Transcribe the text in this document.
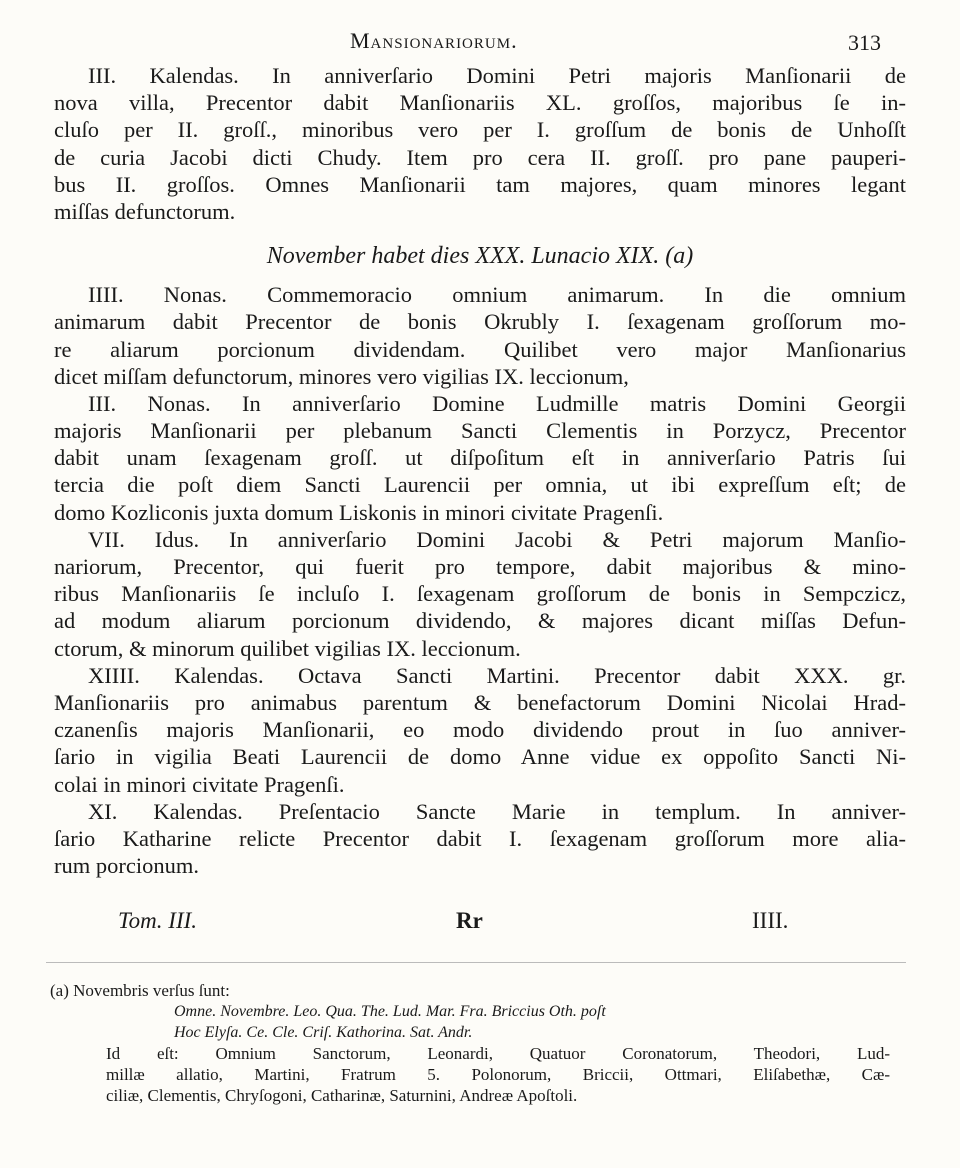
Mansionariorum.	313
III. Kalendas. In anniverſario Domini Petri majoris Manſionarii de
nova villa, Precentor dabit Manſionariis XL. groſſos, majoribus ſe in-
cluſo per II. groſſ., minoribus vero per I. groſſum de bonis de Unhoſſt
de curia Jacobi dicti Chudy. Item pro cera II. groſſ. pro pane pauperi-
bus II. groſſos. Omnes Manſionarii tam majores, quam minores legant
miſſas defunctorum.
November habet dies XXX. Lunacio XIX. (a)
IIII. Nonas. Commemoracio omnium animarum. In die omnium
animarum dabit Precentor de bonis Okrubly I. ſexagenam groſſorum mo-
re aliarum porcionum dividendam. Quilibet vero major Manſionarius
dicet miſſam defunctorum, minores vero vigilias IX. leccionum,
III. Nonas. In anniverſario Domine Ludmille matris Domini Georgii
majoris Manſionarii per plebanum Sancti Clementis in Porzycz, Precentor
dabit unam ſexagenam groſſ. ut diſpoſitum eſt in anniverſario Patris ſui
tercia die poſt diem Sancti Laurencii per omnia, ut ibi expreſſum eſt; de
domo Kozliconis juxta domum Liskonis in minori civitate Pragenſi.
VII. Idus. In anniverſario Domini Jacobi & Petri majorum Manſio-
nariorum, Precentor, qui fuerit pro tempore, dabit majoribus & mino-
ribus Manſionariis ſe incluſo I. ſexagenam groſſorum de bonis in Sempczicz,
ad modum aliarum porcionum dividendo, & majores dicant miſſas Defun-
ctorum, & minorum quilibet vigilias IX. leccionum.
XIIII. Kalendas. Octava Sancti Martini. Precentor dabit XXX. gr.
Manſionariis pro animabus parentum & benefactorum Domini Nicolai Hrad-
czanenſis majoris Manſionarii, eo modo dividendo prout in ſuo anniver-
ſario in vigilia Beati Laurencii de domo Anne vidue ex oppoſito Sancti Ni-
colai in minori civitate Pragenſi.
XI. Kalendas. Preſentacio Sancte Marie in templum. In anniver-
ſario Katharine relicte Precentor dabit I. ſexagenam groſſorum more alia-
rum porcionum.
Tom. III.	Rr	IIII.
(a) Novembris verſus ſunt:
Omne. Novembre. Leo. Qua. The. Lud. Mar. Fra. Briccius Oth. poſt
Hoc Elyſa. Ce. Cle. Criſ. Kathorina. Sat. Andr.
Id eſt: Omnium Sanctorum, Leonardi, Quatuor Coronatorum, Theodori, Lud-
millæ allatio, Martini, Fratrum 5. Polonorum, Briccii, Ottmari, Eliſabethæ, Cæ-
ciliæ, Clementis, Chryſogoni, Catharinæ, Saturnini, Andreæ Apoſtoli.
